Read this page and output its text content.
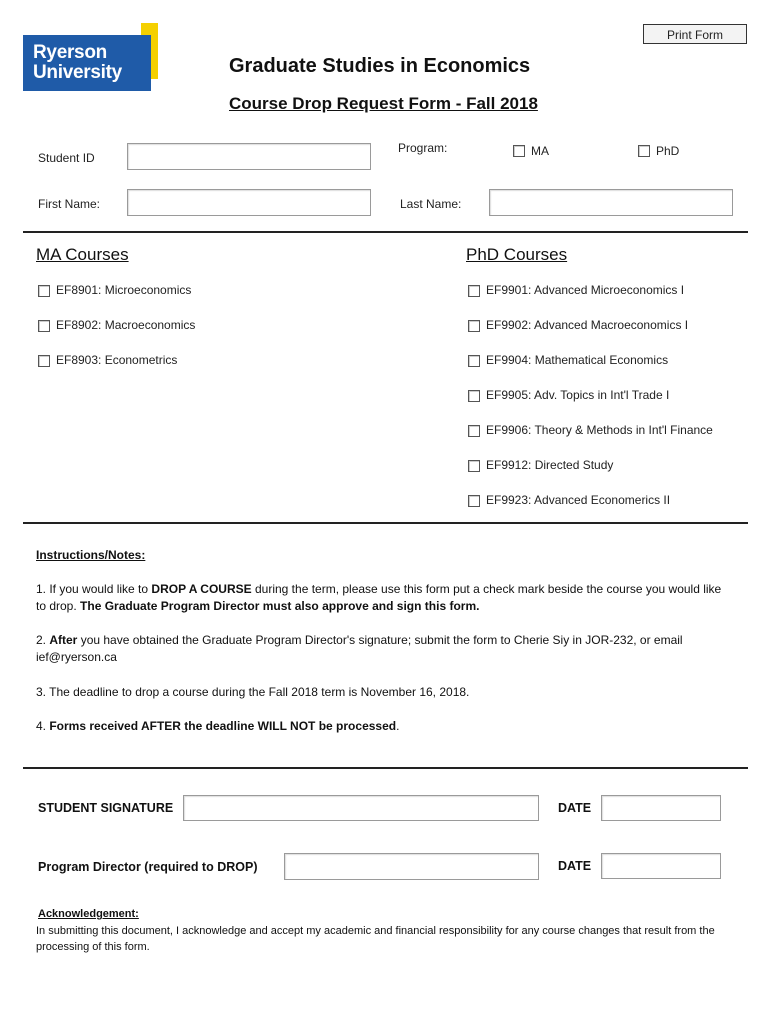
Print Form
Ryerson
University	Graduate Studies in Economics
Course Drop Request Form - Fall 2018
Student ID
Program:	MA	PhD
First Name:	Last Name:
MA Courses
EF8901: Microeconomics
EF8902: Macroeconomics
EF8903: Econometrics
PhD Courses
EF9901: Advanced Microeconomics I
EF9902: Advanced Macroeconomics I
EF9904: Mathematical Economics
EF9905: Adv. Topics in Int'l Trade I
EF9906: Theory & Methods in Int'l Finance
EF9912: Directed Study
EF9923: Advanced Economerics II
Instructions/Notes:
1. If you would like to DROP A COURSE during the term, please use this form put a check mark beside the course you would like to drop. The Graduate Program Director must also approve and sign this form.
2. After you have obtained the Graduate Program Director's signature; submit the form to Cherie Siy in JOR-232, or email ief@ryerson.ca
3. The deadline to drop a course during the Fall 2018 term is November 16, 2018.
4. Forms received AFTER the deadline WILL NOT be processed.
STUDENT SIGNATURE	DATE
Program Director (required to DROP)	DATE
Acknowledgement:
In submitting this document, I acknowledge and accept my academic and financial responsibility for any course changes that result from the processing of this form.
